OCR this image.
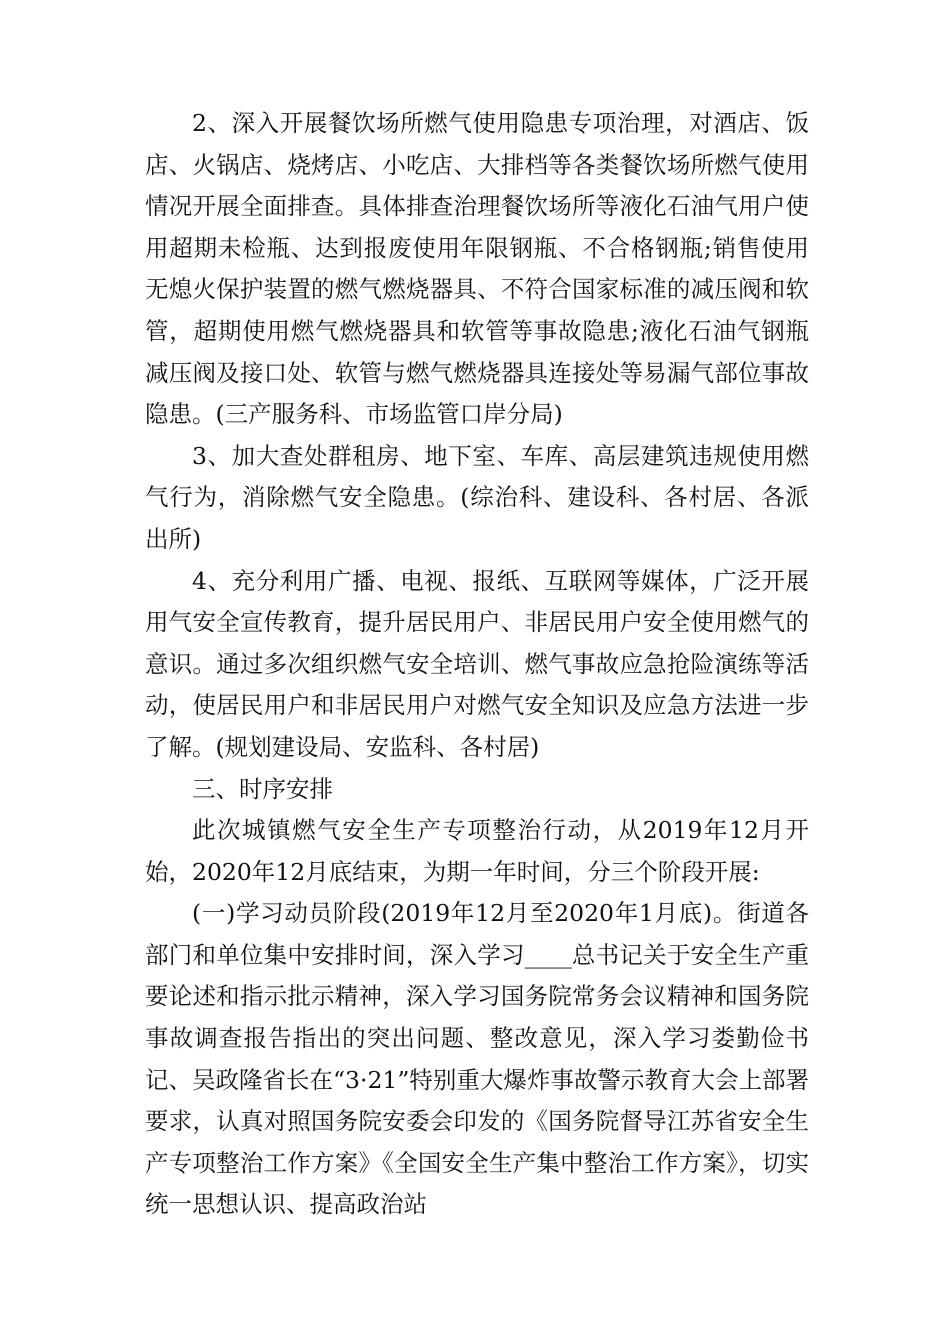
2、深入开展餐饮场所燃气使用隐患专项治理，对酒店、饭店、火锅店、烧烤店、小吃店、大排档等各类餐饮场所燃气使用情况开展全面排查。具体排查治理餐饮场所等液化石油气用户使用超期未检瓶、达到报废使用年限钢瓶、不合格钢瓶;销售使用无熄火保护装置的燃气燃烧器具、不符合国家标准的减压阀和软管，超期使用燃气燃烧器具和软管等事故隐患;液化石油气钢瓶减压阀及接口处、软管与燃气燃烧器具连接处等易漏气部位事故隐患。(三产服务科、市场监管口岸分局)

3、加大查处群租房、地下室、车库、高层建筑违规使用燃气行为，消除燃气安全隐患。(综治科、建设科、各村居、各派出所)

4、充分利用广播、电视、报纸、互联网等媒体，广泛开展用气安全宣传教育，提升居民用户、非居民用户安全使用燃气的意识。通过多次组织燃气安全培训、燃气事故应急抢险演练等活动，使居民用户和非居民用户对燃气安全知识及应急方法进一步了解。(规划建设局、安监科、各村居)

三、时序安排

此次城镇燃气安全生产专项整治行动，从2019年12月开始，2020年12月底结束，为期一年时间，分三个阶段开展:

(一)学习动员阶段(2019年12月至2020年1月底)。街道各部门和单位集中安排时间，深入学习____总书记关于安全生产重要论述和指示批示精神，深入学习国务院常务会议精神和国务院事故调查报告指出的突出问题、整改意见，深入学习娄勤俭书记、吴政隆省长在“3·21”特别重大爆炸事故警示教育大会上部署要求，认真对照国务院安委会印发的《国务院督导江苏省安全生产专项整治工作方案》《全国安全生产集中整治工作方案》，切实统一思想认识、提高政治站
